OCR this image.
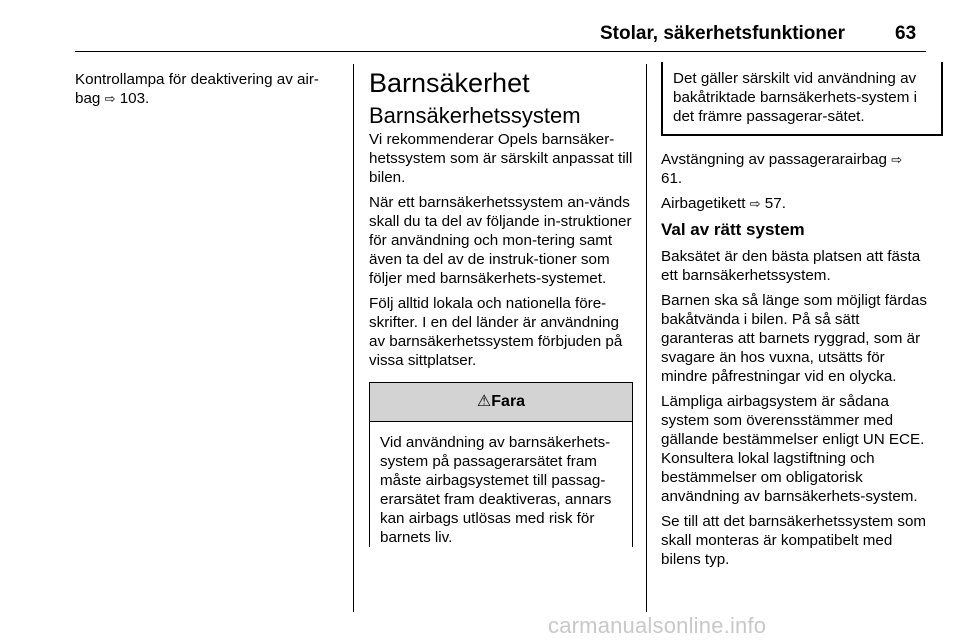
Stolar, säkerhetsfunktioner	63

Kontrollampa för deaktivering av air-bag ⇨ 103.

Barnsäkerhet
Barnsäkerhetssystem

Vi rekommenderar Opels barnsäker-hetssystem som är särskilt anpassat till bilen.

När ett barnsäkerhetssystem an-vänds skall du ta del av följande in-struktioner för användning och mon-tering samt även ta del av de instruk-tioner som följer med barnsäkerhets-systemet.

Följ alltid lokala och nationella före-skrifter. I en del länder är användning av barnsäkerhetssystem förbjuden på vissa sittplatser.

⚠Fara
Vid användning av barnsäkerhets-system på passagerarsätet fram måste airbagsystemet till passag-erarsätet fram deaktiveras, annars kan airbags utlösas med risk för barnets liv.
Det gäller särskilt vid användning av bakåtriktade barnsäkerhets-system i det främre passagerar-sätet.

Avstängning av passagerarairbag ⇨ 61.

Airbagetikett ⇨ 57.

Val av rätt system

Baksätet är den bästa platsen att fästa ett barnsäkerhetssystem.

Barnen ska så länge som möjligt färdas bakåtvända i bilen. På så sätt garanteras att barnets ryggrad, som är svagare än hos vuxna, utsätts för mindre påfrestningar vid en olycka.

Lämpliga airbagsystem är sådana system som överensstämmer med gällande bestämmelser enligt UN ECE. Konsultera lokal lagstiftning och bestämmelser om obligatorisk användning av barnsäkerhets-system.

Se till att det barnsäkerhetssystem som skall monteras är kompatibelt med bilens typ.

carmanualsonline.info
